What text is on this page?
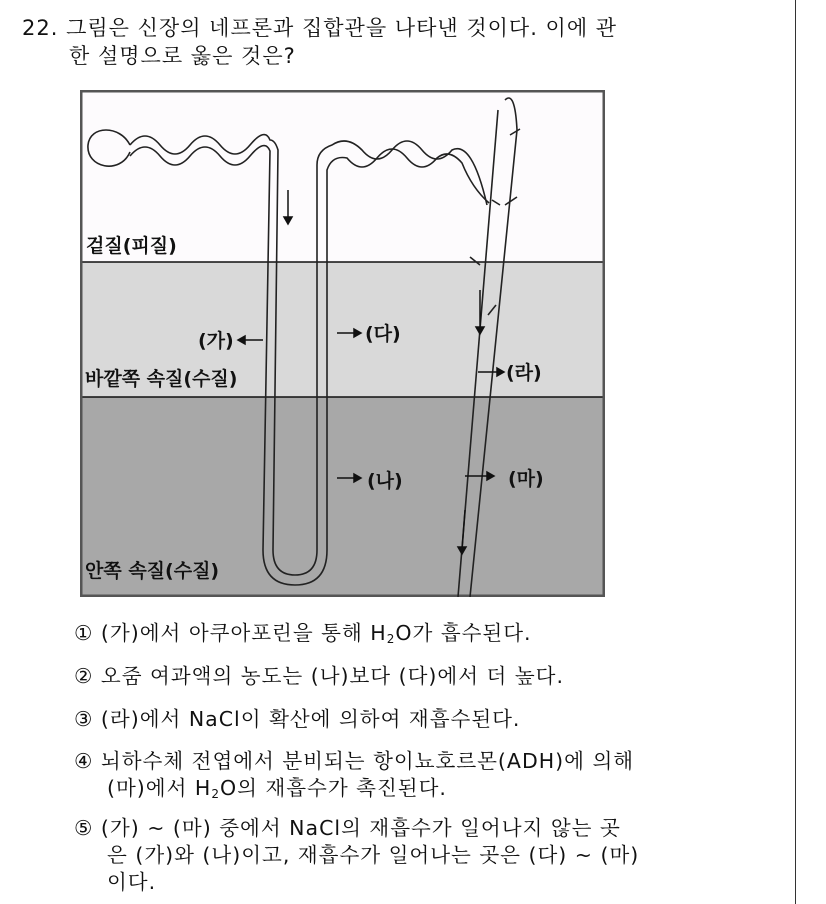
22. 그림은 신장의 네프론과 집합관을 나타낸 것이다. 이에 관
한 설명으로 옳은 것은?
겉질(피질)
바깥쪽 속질(수질)
안쪽 속질(수질)
(가)	(다)
(라)
(나)	(마)
① (가)에서 아쿠아포린을 통해 $H_2O$가 흡수된다.
② 오줌 여과액의 농도는 (나)보다 (다)에서 더 높다.
③ (라)에서 NaCl이 확산에 의하여 재흡수된다.
④ 뇌하수체 전엽에서 분비되는 항이뇨호르몬(ADH)에 의해
(마)에서 $H_2O$의 재흡수가 촉진된다.
⑤ (가) ~ (마) 중에서 NaCl의 재흡수가 일어나지 않는 곳
은 (가)와 (나)이고, 재흡수가 일어나는 곳은 (다) ~ (마)
이다.
